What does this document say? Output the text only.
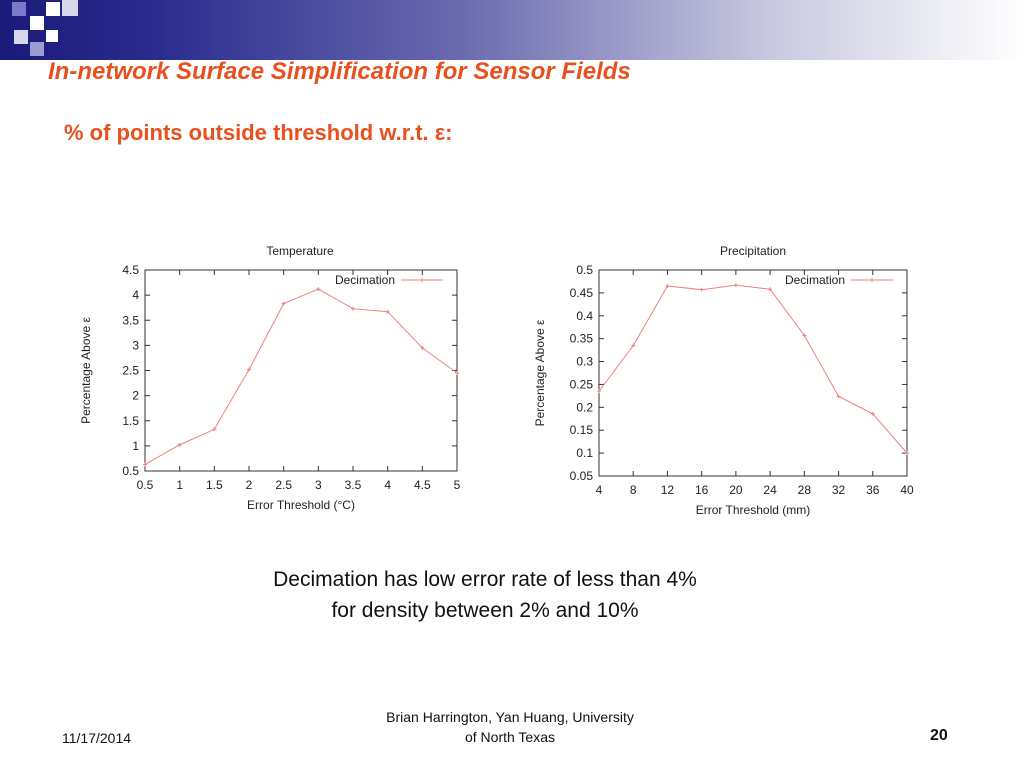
In-network Surface Simplification for Sensor Fields
% of points outside threshold w.r.t. ε:
Temperature
0.5 1 1.5 2 2.5 3 3.5 4 4.5 5
0.5
1
1.5
2
2.5
3
3.5
4
4.5
Error Threshold (°C)
Percentage Above ε
Decimation
Precipitation
4 8 12 16 20 24 28 32 36 40
0.05
0.1
0.15
0.2
0.25
0.3
0.35
0.4
0.45
0.5
Error Threshold (mm)
Percentage Above ε
Decimation
Decimation has low error rate of less than 4%
for density between 2% and 10%
11/17/2014
Brian Harrington, Yan Huang, University
of North Texas	20
